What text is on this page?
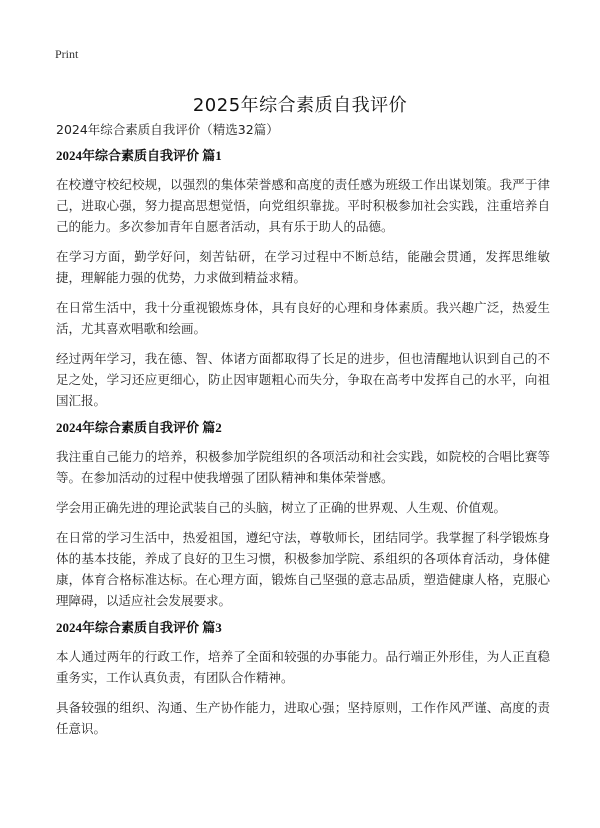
Print
2025年综合素质自我评价
2024年综合素质自我评价（精选32篇）
2024年综合素质自我评价 篇1

在校遵守校纪校规，以强烈的集体荣誉感和高度的责任感为班级工作出谋划策。我严于律己，进取心强，努力提高思想觉悟，向党组织靠拢。平时积极参加社会实践，注重培养自己的能力。多次参加青年自愿者活动，具有乐于助人的品德。

在学习方面，勤学好问，刻苦钻研，在学习过程中不断总结，能融会贯通，发挥思维敏捷，理解能力强的优势，力求做到精益求精。

在日常生活中，我十分重视锻炼身体，具有良好的心理和身体素质。我兴趣广泛，热爱生活，尤其喜欢唱歌和绘画。

经过两年学习，我在德、智、体诸方面都取得了长足的进步，但也清醒地认识到自己的不足之处，学习还应更细心，防止因审题粗心而失分，争取在高考中发挥自己的水平，向祖国汇报。

2024年综合素质自我评价 篇2

我注重自己能力的培养，积极参加学院组织的各项活动和社会实践，如院校的合唱比赛等等。在参加活动的过程中使我增强了团队精神和集体荣誉感。

学会用正确先进的理论武装自己的头脑，树立了正确的世界观、人生观、价值观。

在日常的学习生活中，热爱祖国，遵纪守法，尊敬师长，团结同学。我掌握了科学锻炼身体的基本技能，养成了良好的卫生习惯，积极参加学院、系组织的各项体育活动，身体健康，体育合格标准达标。在心理方面，锻炼自己坚强的意志品质，塑造健康人格，克服心理障碍，以适应社会发展要求。

2024年综合素质自我评价 篇3

本人通过两年的行政工作，培养了全面和较强的办事能力。品行端正外形佳，为人正直稳重务实，工作认真负责，有团队合作精神。

具备较强的组织、沟通、生产协作能力，进取心强；坚持原则，工作作风严谨、高度的责任意识。
